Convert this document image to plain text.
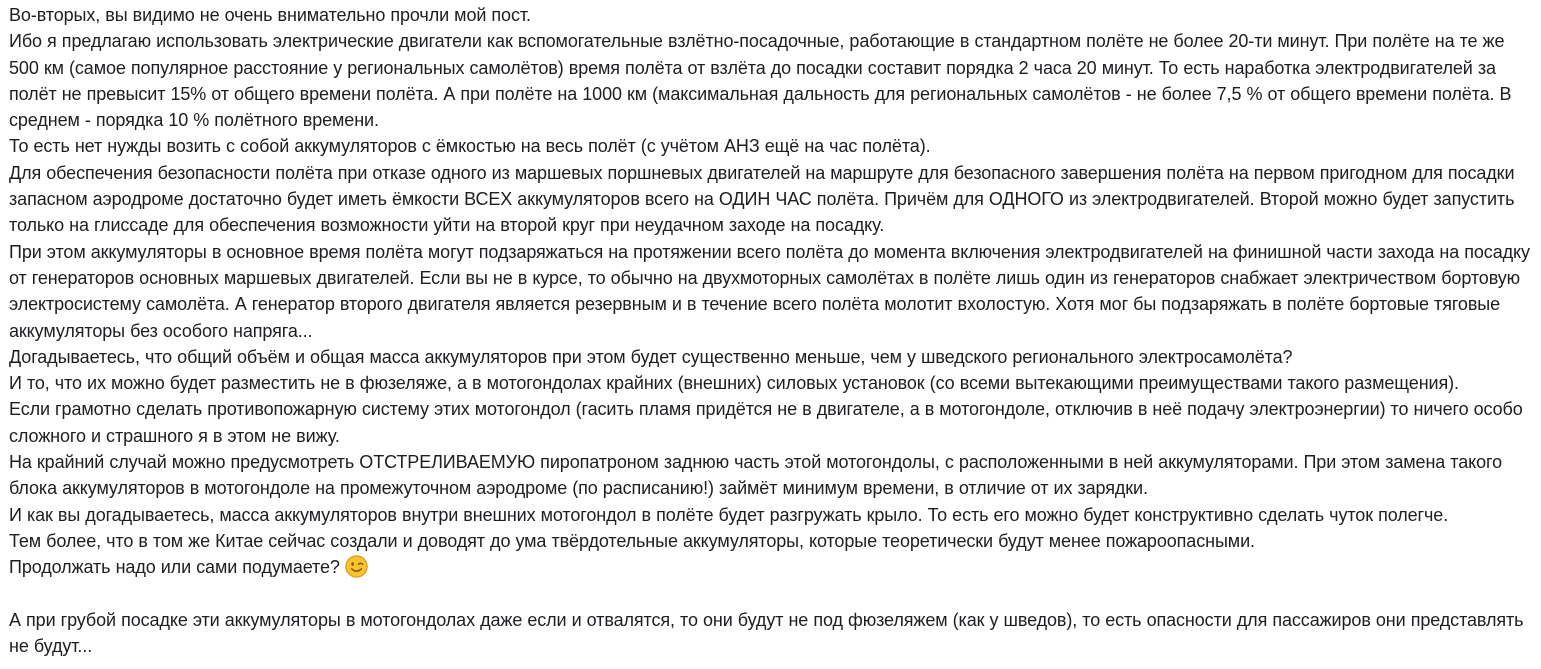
Во-вторых, вы видимо не очень внимательно прочли мой пост.

Ибо я предлагаю использовать электрические двигатели как вспомогательные взлётно-посадочные, работающие в стандартном полёте не более 20-ти минут. При полёте на те же 500 км (самое популярное расстояние у региональных самолётов) время полёта от взлёта до посадки составит порядка 2 часа 20 минут. То есть наработка электродвигателей за полёт не превысит 15% от общего времени полёта. А при полёте на 1000 км (максимальная дальность для региональных самолётов - не более 7,5 % от общего времени полёта. В среднем - порядка 10 % полётного времени.

То есть нет нужды возить с собой аккумуляторов с ёмкостью на весь полёт (с учётом АНЗ ещё на час полёта).

Для обеспечения безопасности полёта при отказе одного из маршевых поршневых двигателей на маршруте для безопасного завершения полёта на первом пригодном для посадки запасном аэродроме достаточно будет иметь ёмкости ВСЕХ аккумуляторов всего на ОДИН ЧАС полёта. Причём для ОДНОГО из электродвигателей. Второй можно будет запустить только на глиссаде для обеспечения возможности уйти на второй круг при неудачном заходе на посадку.

При этом аккумуляторы в основное время полёта могут подзаряжаться на протяжении всего полёта до момента включения электродвигателей на финишной части захода на посадку от генераторов основных маршевых двигателей. Если вы не в курсе, то обычно на двухмоторных самолётах в полёте лишь один из генераторов снабжает электричеством бортовую электросистему самолёта. А генератор второго двигателя является резервным и в течение всего полёта молотит вхолостую. Хотя мог бы подзаряжать в полёте бортовые тяговые аккумуляторы без особого напряга...

Догадываетесь, что общий объём и общая масса аккумуляторов при этом будет существенно меньше, чем у шведского регионального электросамолёта?

И то, что их можно будет разместить не в фюзеляже, а в мотогондолах крайних (внешних) силовых установок (со всеми вытекающими преимуществами такого размещения).

Если грамотно сделать противопожарную систему этих мотогондол (гасить пламя придётся не в двигателе, а в мотогондоле, отключив в неё подачу электроэнергии) то ничего особо сложного и страшного я в этом не вижу.

На крайний случай можно предусмотреть ОТСТРЕЛИВАЕМУЮ пиропатроном заднюю часть этой мотогондолы, с расположенными в ней аккумуляторами. При этом замена такого блока аккумуляторов в мотогондоле на промежуточном аэродроме (по расписанию!) займёт минимум времени, в отличие от их зарядки.

И как вы догадываетесь, масса аккумуляторов внутри внешних мотогондол в полёте будет разгружать крыло. То есть его можно будет конструктивно сделать чуток полегче.

Тем более, что в том же Китае сейчас создали и доводят до ума твёрдотельные аккумуляторы, которые теоретически будут менее пожароопасными.

Продолжать надо или сами подумаете?

А при грубой посадке эти аккумуляторы в мотогондолах даже если и отвалятся, то они будут не под фюзеляжем (как у шведов), то есть опасности для пассажиров они представлять не будут...
